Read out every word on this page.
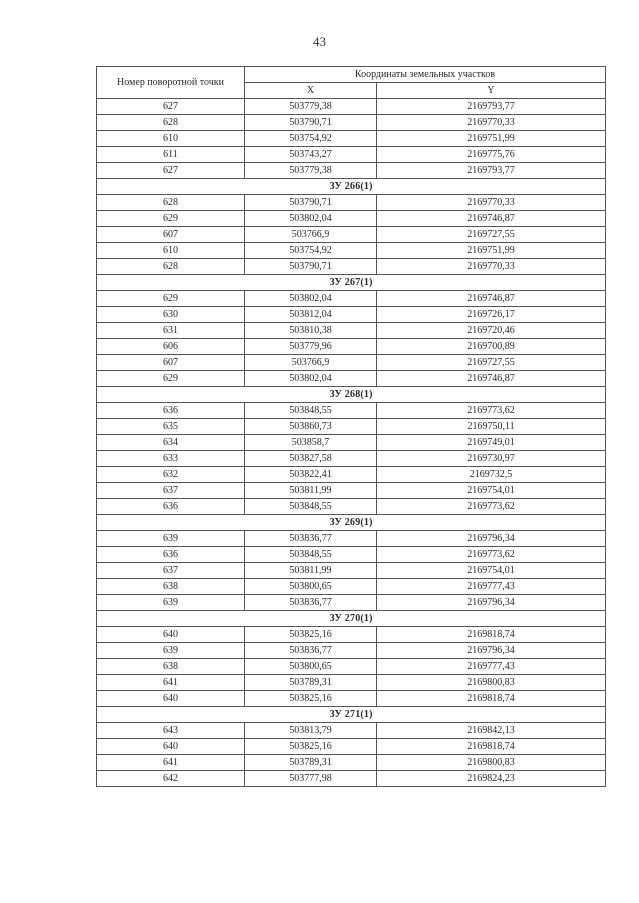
43
Номер поворотной точки	Координаты земельных участков	
	X	Y
627	503779,38	2169793,77
628	503790,71	2169770,33
610	503754,92	2169751,99
611	503743,27	2169775,76
627	503779,38	2169793,77
ЗУ 266(1)		
628	503790,71	2169770,33
629	503802,04	2169746,87
607	503766,9	2169727,55
610	503754,92	2169751,99
628	503790,71	2169770,33
ЗУ 267(1)		
629	503802,04	2169746,87
630	503812,04	2169726,17
631	503810,38	2169720,46
606	503779,96	2169700,89
607	503766,9	2169727,55
629	503802,04	2169746,87
ЗУ 268(1)		
636	503848,55	2169773,62
635	503860,73	2169750,11
634	503858,7	2169749,01
633	503827,58	2169730,97
632	503822,41	2169732,5
637	503811,99	2169754,01
636	503848,55	2169773,62
ЗУ 269(1)		
639	503836,77	2169796,34
636	503848,55	2169773,62
637	503811,99	2169754,01
638	503800,65	2169777,43
639	503836,77	2169796,34
ЗУ 270(1)		
640	503825,16	2169818,74
639	503836,77	2169796,34
638	503800,65	2169777,43
641	503789,31	2169800,83
640	503825,16	2169818,74
ЗУ 271(1)		
643	503813,79	2169842,13
640	503825,16	2169818,74
641	503789,31	2169800,83
642	503777,98	2169824,23
